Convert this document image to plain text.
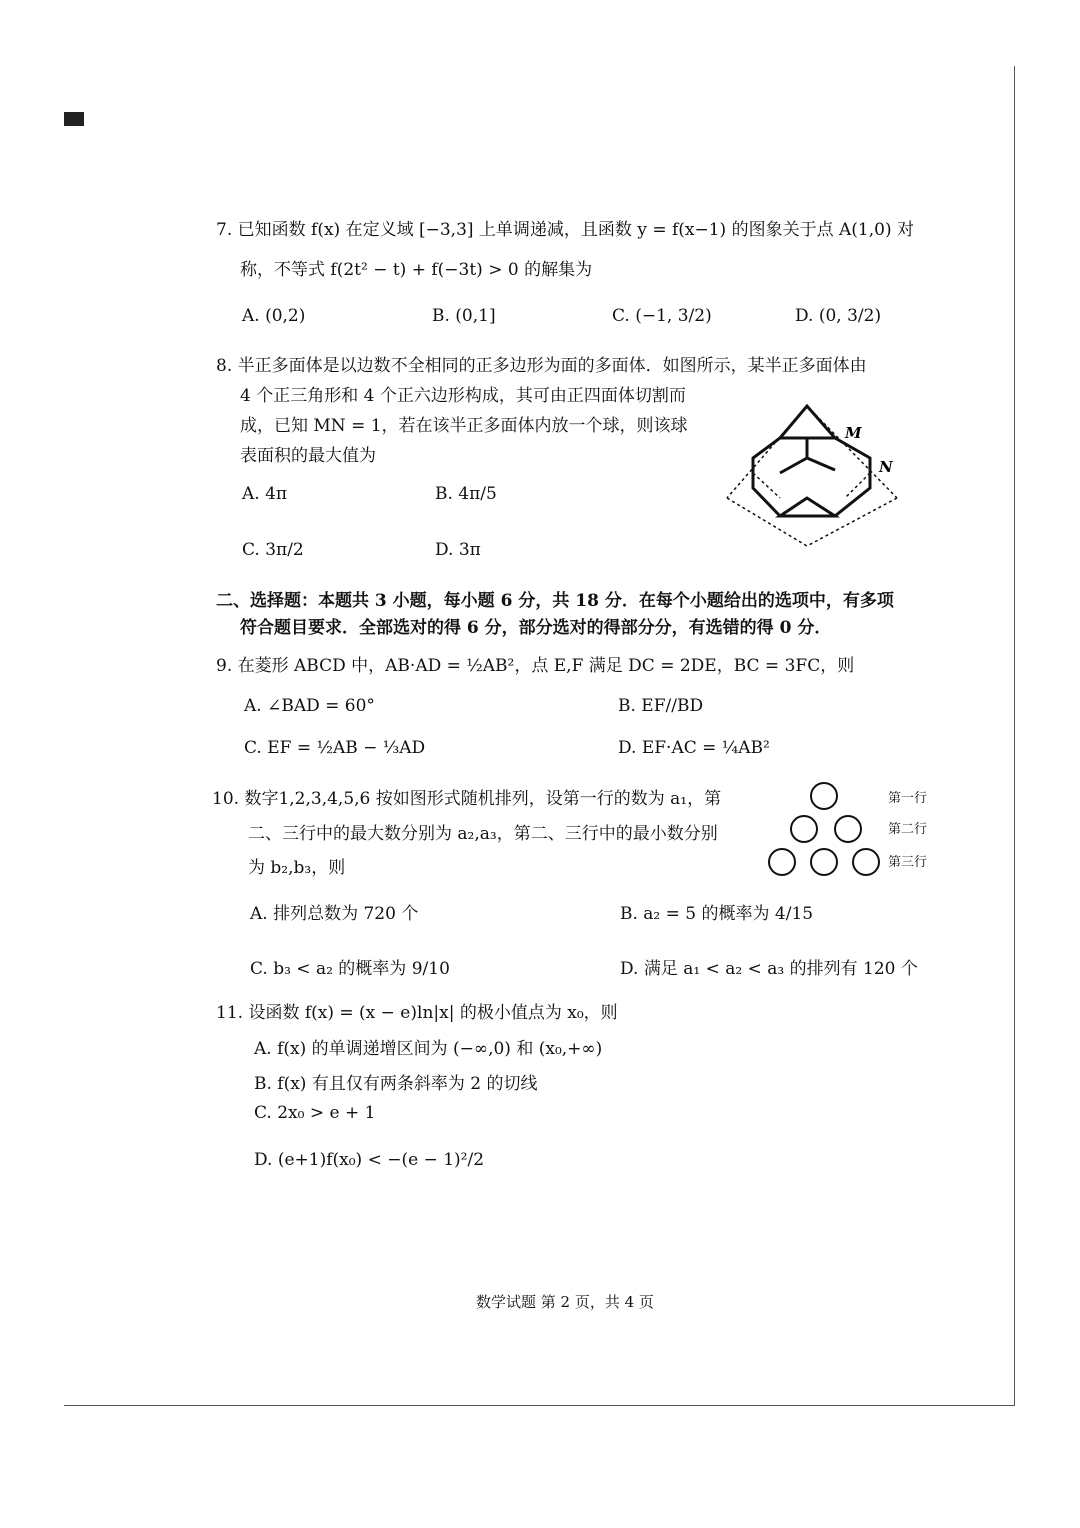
7. 已知函数 f(x) 在定义域 [−3,3] 上单调递减，且函数 y = f(x−1) 的图象关于点 A(1,0) 对
称，不等式 f(2t² − t) + f(−3t) > 0 的解集为
A. (0,2)	B. (0,1]	C. (−1, 3/2)	D. (0, 3/2)
8. 半正多面体是以边数不全相同的正多边形为面的多面体．如图所示，某半正多面体由
4 个正三角形和 4 个正六边形构成，其可由正四面体切割而
成，已知 MN = 1，若在该半正多面体内放一个球，则该球
表面积的最大值为
A. 4π	B. 4π/5
C. 3π/2	D. 3π
M
N
二、选择题：本题共 3 小题，每小题 6 分，共 18 分．在每个小题给出的选项中，有多项
符合题目要求．全部选对的得 6 分，部分选对的得部分分，有选错的得 0 分．
9. 在菱形 ABCD 中，AB·AD = ½AB²，点 E,F 满足 DC = 2DE，BC = 3FC，则
A. ∠BAD = 60°	B. EF//BD
C. EF = ½AB − ⅓AD	D. EF·AC = ¼AB²
10. 数字1,2,3,4,5,6 按如图形式随机排列，设第一行的数为 a₁，第
二、三行中的最大数分别为 a₂,a₃，第二、三行中的最小数分别
为 b₂,b₃，则
第一行
第二行
第三行
A. 排列总数为 720 个	B. a₂ = 5 的概率为 4/15
C. b₃ < a₂ 的概率为 9/10	D. 满足 a₁ < a₂ < a₃ 的排列有 120 个
11. 设函数 f(x) = (x − e)ln|x| 的极小值点为 x₀，则
A. f(x) 的单调递增区间为 (−∞,0) 和 (x₀,+∞)
B. f(x) 有且仅有两条斜率为 2 的切线
C. 2x₀ > e + 1
D. (e+1)f(x₀) < −(e − 1)²/2
数学试题 第 2 页，共 4 页
